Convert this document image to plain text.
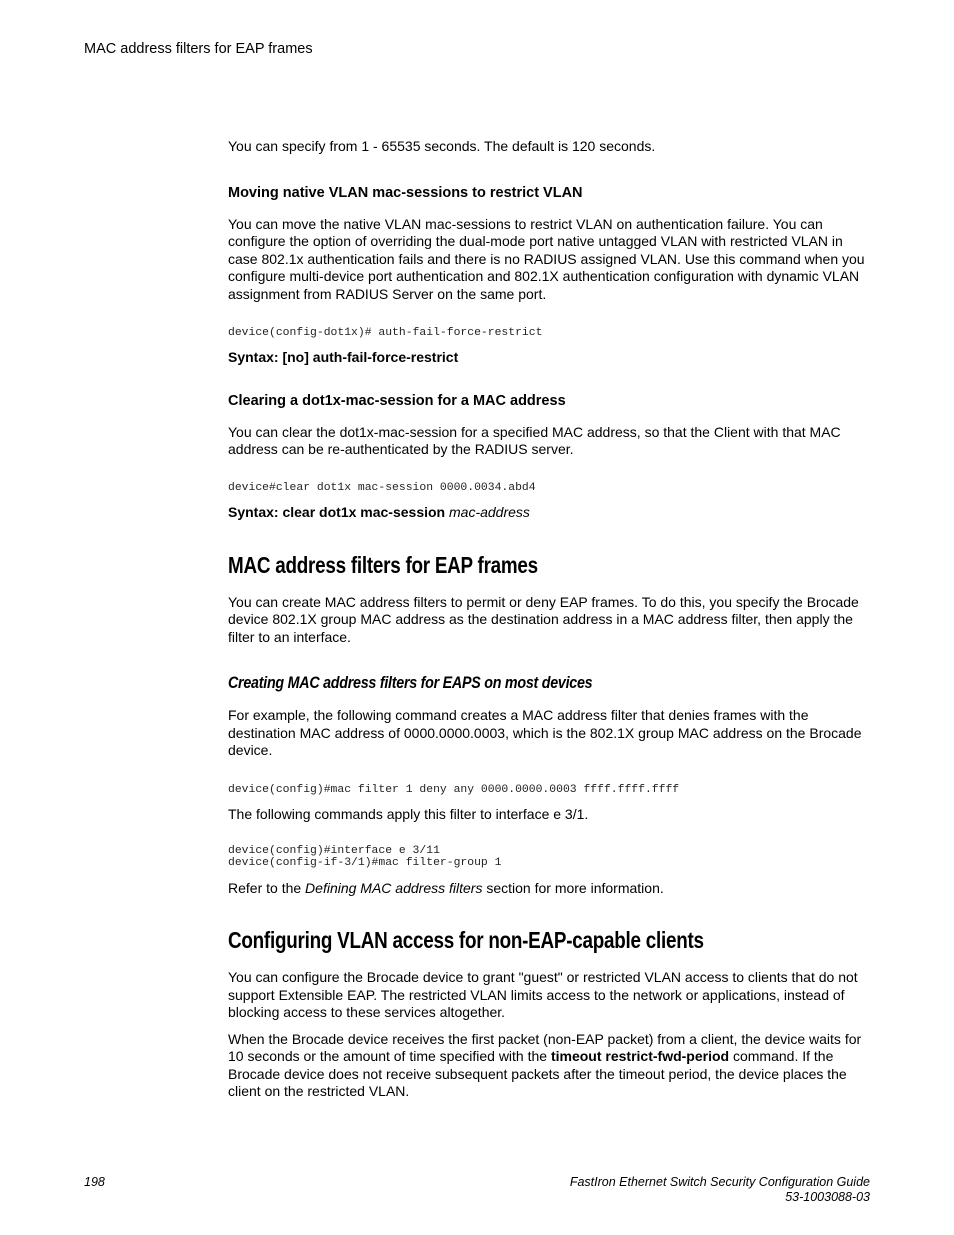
MAC address filters for EAP frames

You can specify from 1 - 65535 seconds. The default is 120 seconds.

Moving native VLAN mac-sessions to restrict VLAN

You can move the native VLAN mac-sessions to restrict VLAN on authentication failure. You can configure the option of overriding the dual-mode port native untagged VLAN with restricted VLAN in case 802.1x authentication fails and there is no RADIUS assigned VLAN. Use this command when you configure multi-device port authentication and 802.1X authentication configuration with dynamic VLAN assignment from RADIUS Server on the same port.

device(config-dot1x)# auth-fail-force-restrict

Syntax: [no] auth-fail-force-restrict

Clearing a dot1x-mac-session for a MAC address

You can clear the dot1x-mac-session for a specified MAC address, so that the Client with that MAC address can be re-authenticated by the RADIUS server.

device#clear dot1x mac-session 0000.0034.abd4

Syntax: clear dot1x mac-session mac-address

MAC address filters for EAP frames

You can create MAC address filters to permit or deny EAP frames. To do this, you specify the Brocade device 802.1X group MAC address as the destination address in a MAC address filter, then apply the filter to an interface.

Creating MAC address filters for EAPS on most devices

For example, the following command creates a MAC address filter that denies frames with the destination MAC address of 0000.0000.0003, which is the 802.1X group MAC address on the Brocade device.

device(config)#mac filter 1 deny any 0000.0000.0003 ffff.ffff.ffff

The following commands apply this filter to interface e 3/1.

device(config)#interface e 3/11
device(config-if-3/1)#mac filter-group 1

Refer to the Defining MAC address filters section for more information.

Configuring VLAN access for non-EAP-capable clients

You can configure the Brocade device to grant "guest" or restricted VLAN access to clients that do not support Extensible EAP. The restricted VLAN limits access to the network or applications, instead of blocking access to these services altogether.

When the Brocade device receives the first packet (non-EAP packet) from a client, the device waits for 10 seconds or the amount of time specified with the timeout restrict-fwd-period command. If the Brocade device does not receive subsequent packets after the timeout period, the device places the client on the restricted VLAN.

198	FastIron Ethernet Switch Security Configuration Guide
53-1003088-03
